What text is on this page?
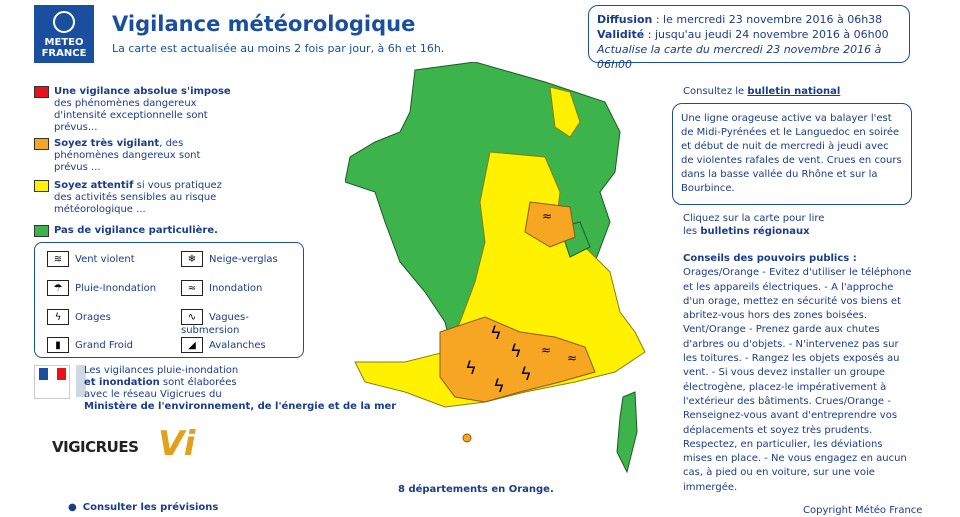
METEO
FRANCE
Vigilance météorologique
La carte est actualisée au moins 2 fois par jour, à 6h et 16h.
Diffusion : le mercredi 23 novembre 2016 à 06h38
Validité : jusqu'au jeudi 24 novembre 2016 à 06h00
Actualise la carte du mercredi 23 novembre 2016 à 06h00
Une vigilance absolue s'impose des phénomènes dangereux d'intensité exceptionnelle sont prévus...
Soyez très vigilant, des phénomènes dangereux sont prévus ...
Soyez attentif si vous pratiquez des activités sensibles au risque météorologique ...
Pas de vigilance particulière.
≋ Vent violent	❄ Neige-verglas
☂ Pluie-Inondation	≈ Inondation
ϟ Orages	∿ Vagues-submersion
▮ Grand Froid	◢ Avalanches
Les vigilances pluie-inondation
et inondation sont élaborées
avec le réseau Vigicrues du
Ministère de l'environnement, de l'énergie et de la mer
VIGICRUES Vi
● Consulter les prévisions
ϟ
ϟ
ϟ ϟ
ϟ
≈
≈
≈
8 départements en Orange.
Consultez le bulletin national
Une ligne orageuse active va balayer l'est de Midi-Pyrénées et le Languedoc en soirée et début de nuit de mercredi à jeudi avec de violentes rafales de vent. Crues en cours dans la basse vallée du Rhône et sur la Bourbince.
Cliquez sur la carte pour lire
les bulletins régionaux
Conseils des pouvoirs publics :
Orages/Orange - Evitez d'utiliser le téléphone et les appareils électriques. - A l'approche d'un orage, mettez en sécurité vos biens et abritez-vous hors des zones boisées. Vent/Orange - Prenez garde aux chutes d'arbres ou d'objets. - N'intervenez pas sur les toitures. - Rangez les objets exposés au vent. - Si vous devez installer un groupe électrogène, placez-le impérativement à l'extérieur des bâtiments. Crues/Orange - Renseignez-vous avant d'entreprendre vos déplacements et soyez très prudents. Respectez, en particulier, les déviations mises en place. - Ne vous engagez en aucun cas, à pied ou en voiture, sur une voie immergée.
Copyright Météo France
